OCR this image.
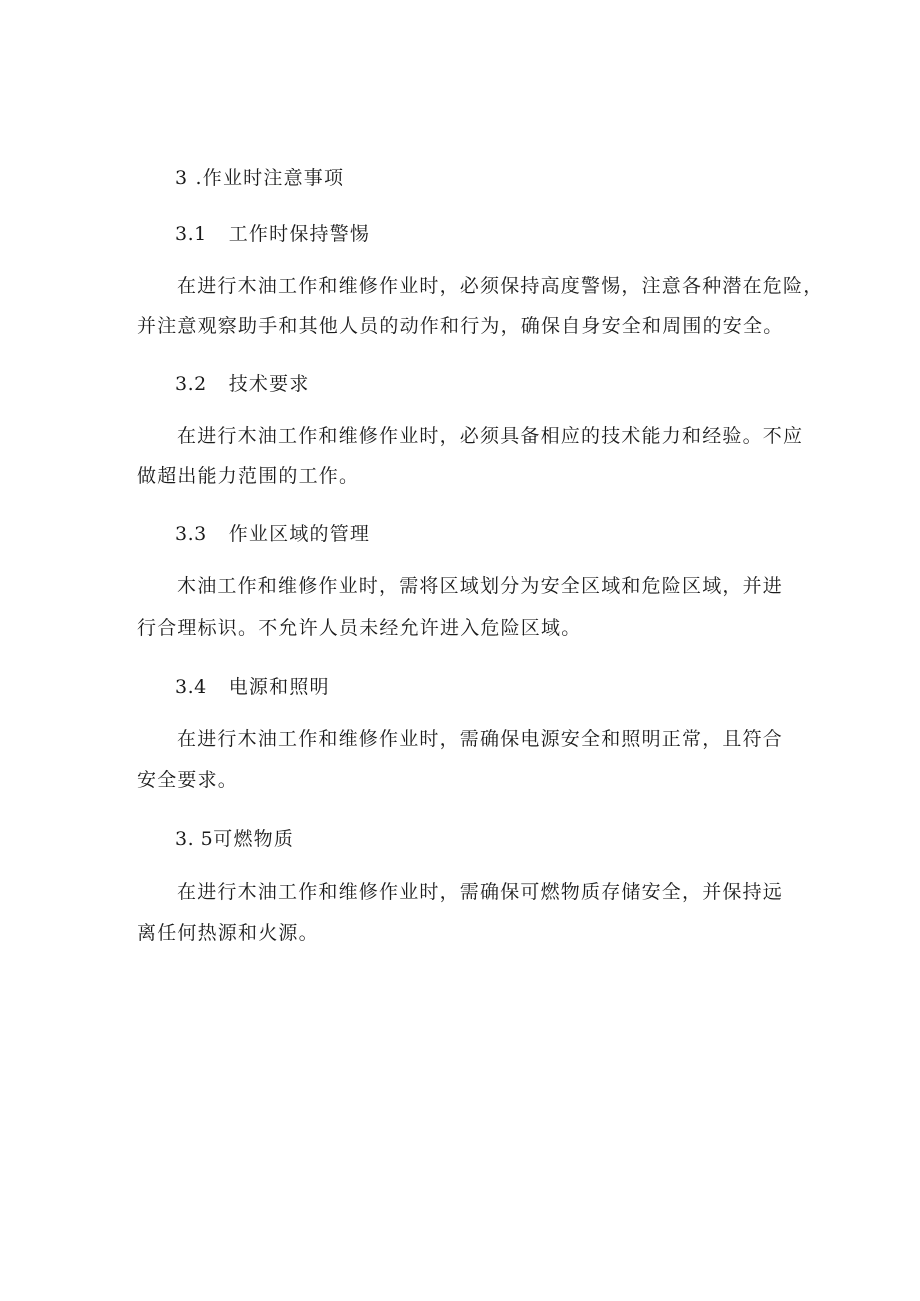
3 .作业时注意事项
3.1 工作时保持警惕
在进行木油工作和维修作业时，必须保持高度警惕，注意各种潜在危险，
并注意观察助手和其他人员的动作和行为，确保自身安全和周围的安全。
3.2 技术要求
在进行木油工作和维修作业时，必须具备相应的技术能力和经验。不应
做超出能力范围的工作。
3.3 作业区域的管理
木油工作和维修作业时，需将区域划分为安全区域和危险区域，并进
行合理标识。不允许人员未经允许进入危险区域。
3.4 电源和照明
在进行木油工作和维修作业时，需确保电源安全和照明正常，且符合
安全要求。
3. 5可燃物质
在进行木油工作和维修作业时，需确保可燃物质存储安全，并保持远
离任何热源和火源。
